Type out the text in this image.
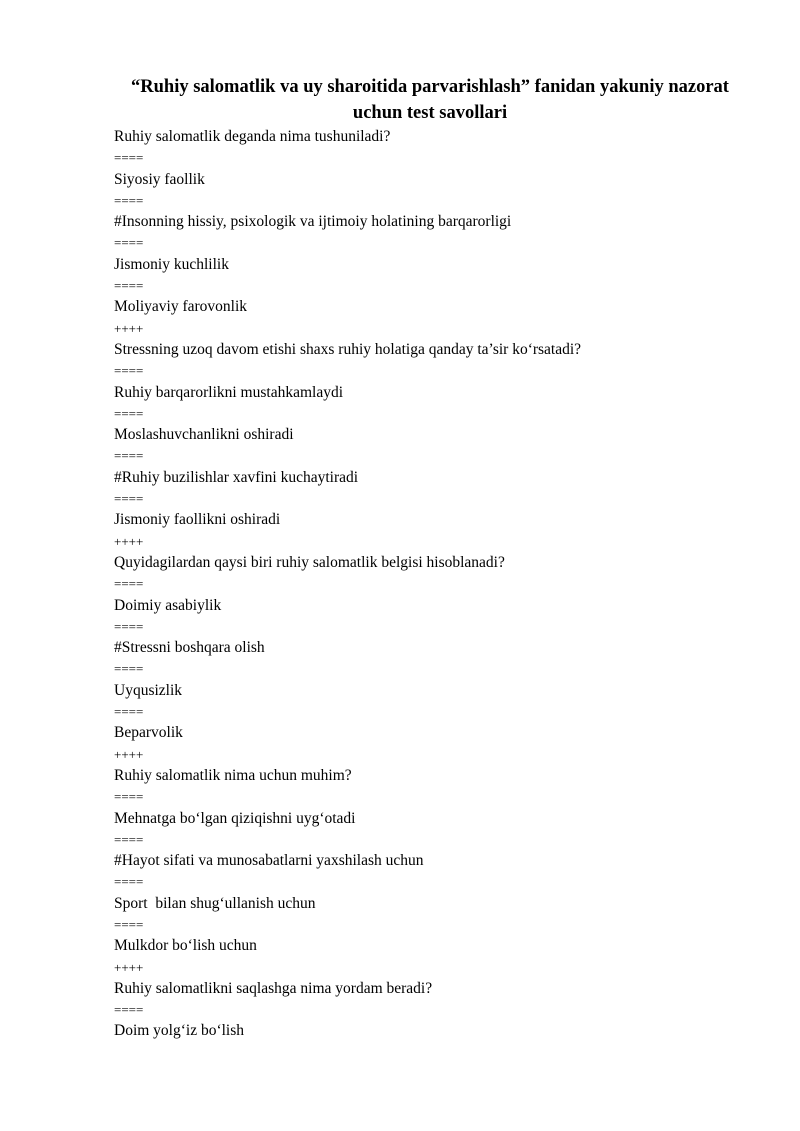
“Ruhiy salomatlik va uy sharoitida parvarishlash” fanidan yakuniy nazorat
uchun test savollari
Ruhiy salomatlik deganda nima tushuniladi?
====
Siyosiy faollik
====
#Insonning hissiy, psixologik va ijtimoiy holatining barqarorligi
====
Jismoniy kuchlilik
====
Moliyaviy farovonlik
++++
Stressning uzoq davom etishi shaxs ruhiy holatiga qanday ta’sir ko‘rsatadi?
====
Ruhiy barqarorlikni mustahkamlaydi
====
Moslashuvchanlikni oshiradi
====
#Ruhiy buzilishlar xavfini kuchaytiradi
====
Jismoniy faollikni oshiradi
++++
Quyidagilardan qaysi biri ruhiy salomatlik belgisi hisoblanadi?
====
Doimiy asabiylik
====
#Stressni boshqara olish
====
Uyqusizlik
====
Beparvolik
++++
Ruhiy salomatlik nima uchun muhim?
====
Mehnatga bo‘lgan qiziqishni uyg‘otadi
====
#Hayot sifati va munosabatlarni yaxshilash uchun
====
Sport  bilan shug‘ullanish uchun
====
Mulkdor bo‘lish uchun
++++
Ruhiy salomatlikni saqlashga nima yordam beradi?
====
Doim yolg‘iz bo‘lish
